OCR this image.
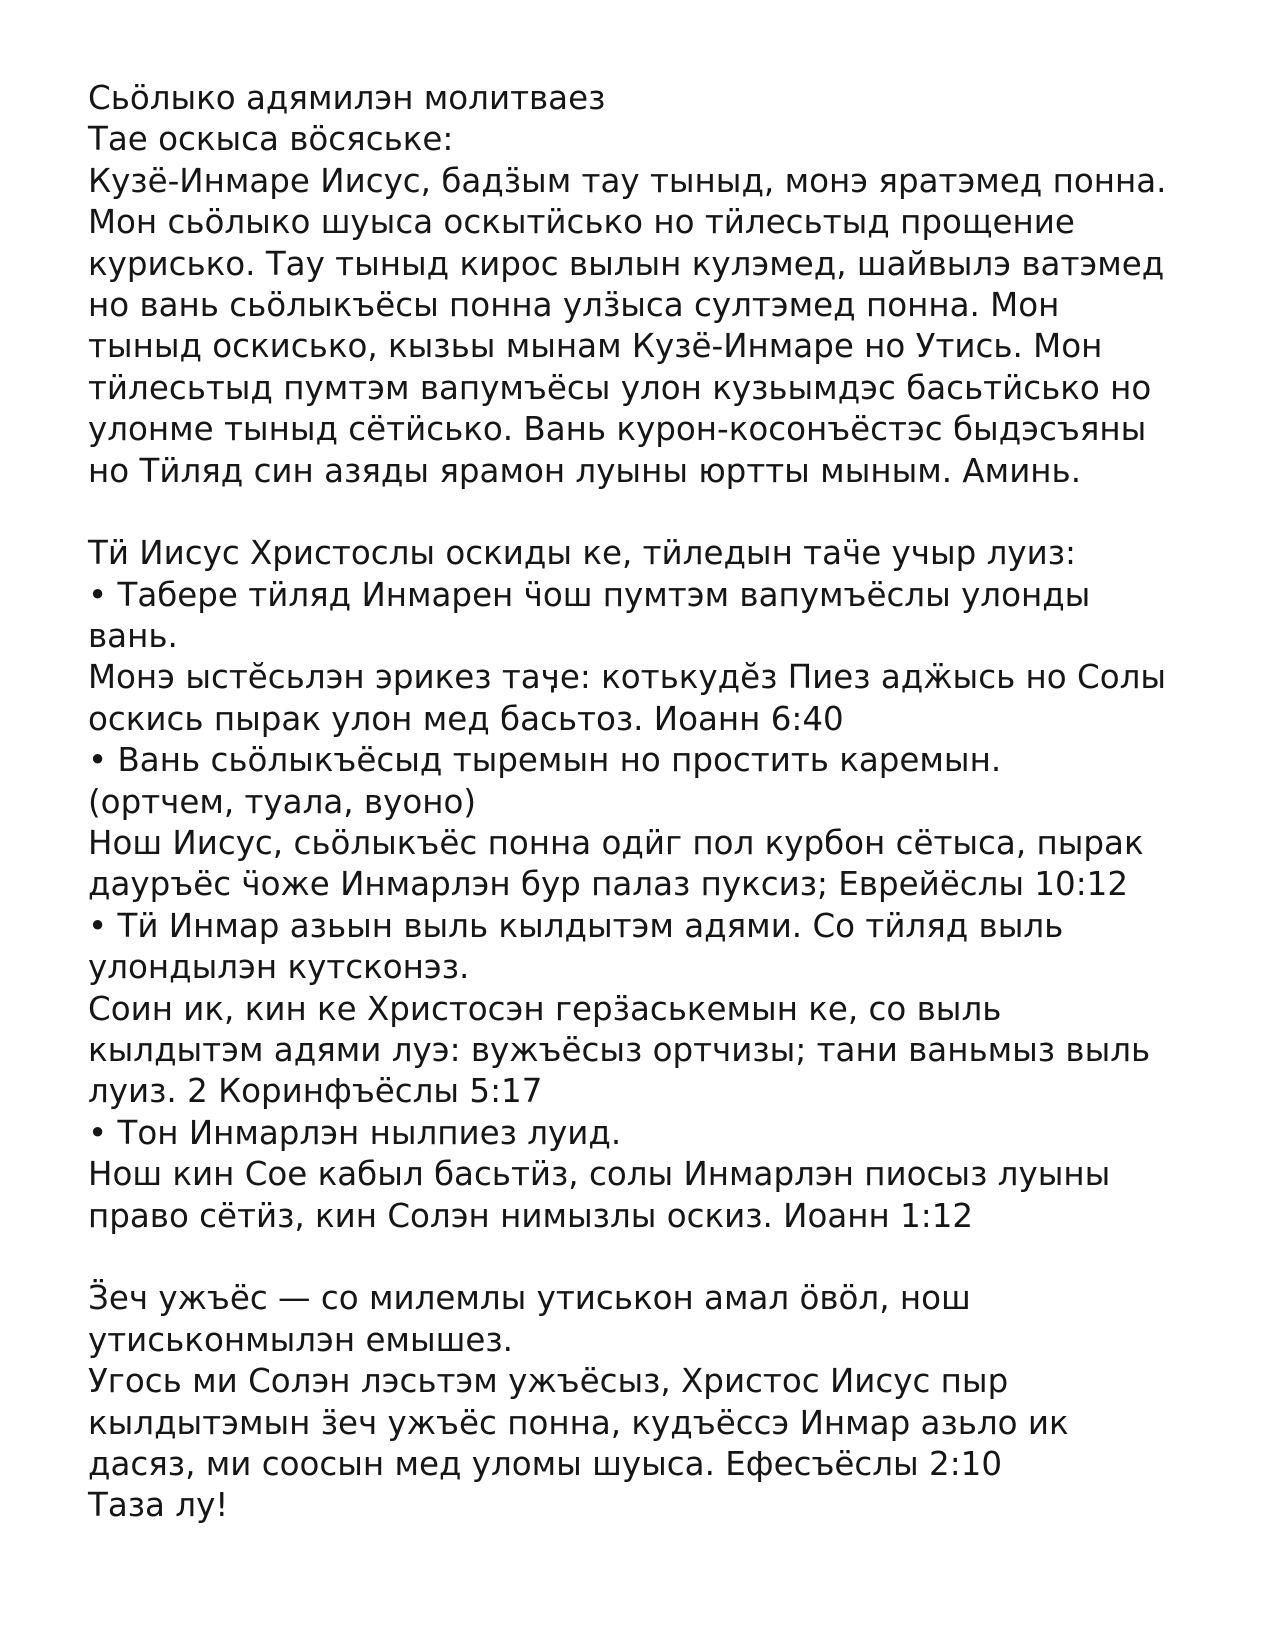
Сьӧлыко адямилэн молитваез
Тае оскыса вӧсяське:
Кузё-Инмаре Иисус, бадӟым тау тыныд, монэ яратэмед понна.
Мон сьӧлыко шуыса оскытӥсько но тӥлесьтыд прощение
курисько. Тау тыныд кирос вылын кулэмед, шайвылэ ватэмед
но вань сьӧлыкъёсы понна улӟыса султэмед понна. Мон
тыныд оскисько, кызьы мынам Кузё-Инмаре но Утись. Мон
тӥлесьтыд пумтэм вапумъёсы улон кузьымдэс басьтӥсько но
улонме тыныд сётӥсько. Вань курон-косонъёстэс быдэсъяны
но Тӥляд син азяды ярамон луыны юртты мыным. Аминь.
Тӥ Иисус Христослы оскиды ке, тӥледын таӵе учыр луиз:
• Табере тӥляд Инмарен ӵош пумтэм вапумъёслы улонды
вань.
Монэ ыстӗсьлэн эрикез таӌе: котькудӗз Пиез адӝысь но Солы
оскись пырак улон мед басьтоз. Иоанн 6:40
• Вань сьӧлыкъёсыд тыремын но простить каремын.
(ортчем, туала, вуоно)
Нош Иисус, сьӧлыкъёс понна одӥг пол курбон сётыса, пырак
дауръёс ӵоже Инмарлэн бур палаз пуксиз; Еврейёслы 10:12
• Тӥ Инмар азьын выль кылдытэм адями. Со тӥляд выль
улондылэн кутсконэз.
Соин ик, кин ке Христосэн герӟаськемын ке, со выль
кылдытэм адями луэ: вужъёсыз ортчизы; тани ваньмыз выль
луиз. 2 Коринфъёслы 5:17
• Тон Инмарлэн нылпиез луид.
Нош кин Сое кабыл басьтӥз, солы Инмарлэн пиосыз луыны
право сётӥз, кин Солэн нимызлы оскиз. Иоанн 1:12
Ӟеч ужъёс — со милемлы утиськон амал ӧвӧл, нош
утиськонмылэн емышез.
Угось ми Солэн лэсьтэм ужъёсыз, Христос Иисус пыр
кылдытэмын ӟеч ужъёс понна, кудъёссэ Инмар азьло ик
дасяз, ми соосын мед уломы шуыса. Ефесъёслы 2:10
Таза лу!
